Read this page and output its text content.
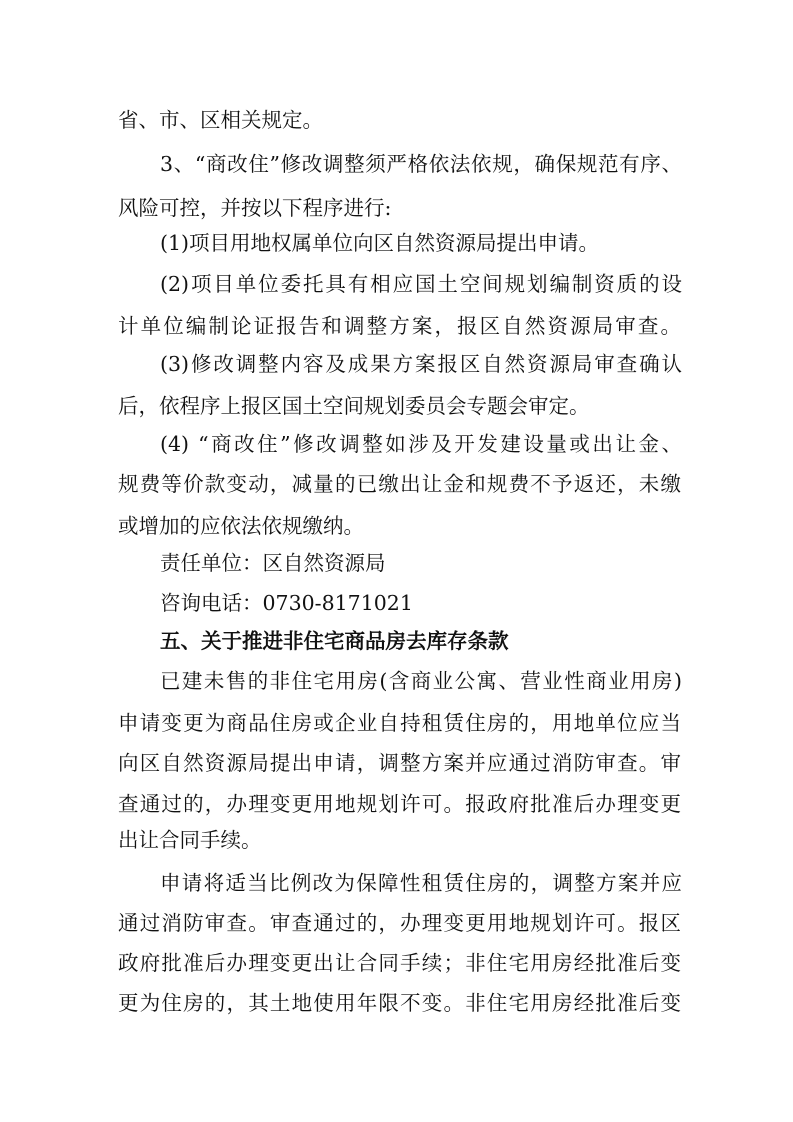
省、市、区相关规定。
3、“商改住”修改调整须严格依法依规，确保规范有序、
风险可控，并按以下程序进行:
(1)项目用地权属单位向区自然资源局提出申请。
(2)项目单位委托具有相应国土空间规划编制资质的设
计单位编制论证报告和调整方案，报区自然资源局审查。
(3)修改调整内容及成果方案报区自然资源局审查确认
后，依程序上报区国土空间规划委员会专题会审定。
(4) “商改住”修改调整如涉及开发建设量或出让金、
规费等价款变动，减量的已缴出让金和规费不予返还，未缴
或增加的应依法依规缴纳。
责任单位：区自然资源局
咨询电话：0730-8171021
五、关于推进非住宅商品房去库存条款
已建未售的非住宅用房(含商业公寓、营业性商业用房)
申请变更为商品住房或企业自持租赁住房的，用地单位应当
向区自然资源局提出申请，调整方案并应通过消防审查。审
查通过的，办理变更用地规划许可。报政府批准后办理变更
出让合同手续。
申请将适当比例改为保障性租赁住房的，调整方案并应
通过消防审查。审查通过的，办理变更用地规划许可。报区
政府批准后办理变更出让合同手续；非住宅用房经批准后变
更为住房的，其土地使用年限不变。非住宅用房经批准后变
